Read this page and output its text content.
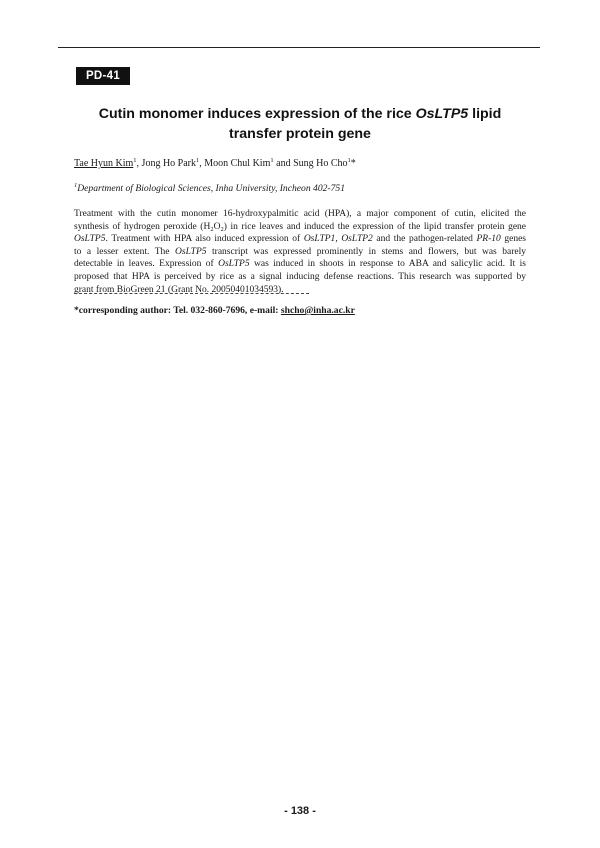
PD-41
Cutin monomer induces expression of the rice OsLTP5 lipid
transfer protein gene
Tae Hyun Kim$^1$, Jong Ho Park$^1$, Moon Chul Kim$^1$ and Sung Ho Cho$^1$*
$^1$Department of Biological Sciences, Inha University, Incheon 402-751
Treatment with the cutin monomer 16-hydroxypalmitic acid (HPA), a major component of cutin, elicited the
synthesis of hydrogen peroxide $(H_2O_2)$ in rice leaves and induced the expression of the lipid transfer protein gene
OsLTP5. Treatment with HPA also induced expression of OsLTP1, OsLTP2 and the pathogen-related PR-10 genes
to a lesser extent. The OsLTP5 transcript was expressed prominently in stems and flowers, but was barely
detectable in leaves. Expression of OsLTP5 was induced in shoots in response to ABA and salicylic acid. It is
proposed that HPA is perceived by rice as a signal inducing defense reactions. This research was supported by
grant from BioGreen 21 (Grant No. 20050401034593).
*corresponding author: Tel. 032-860-7696, e-mail: shcho@inha.ac.kr
- 138 -
